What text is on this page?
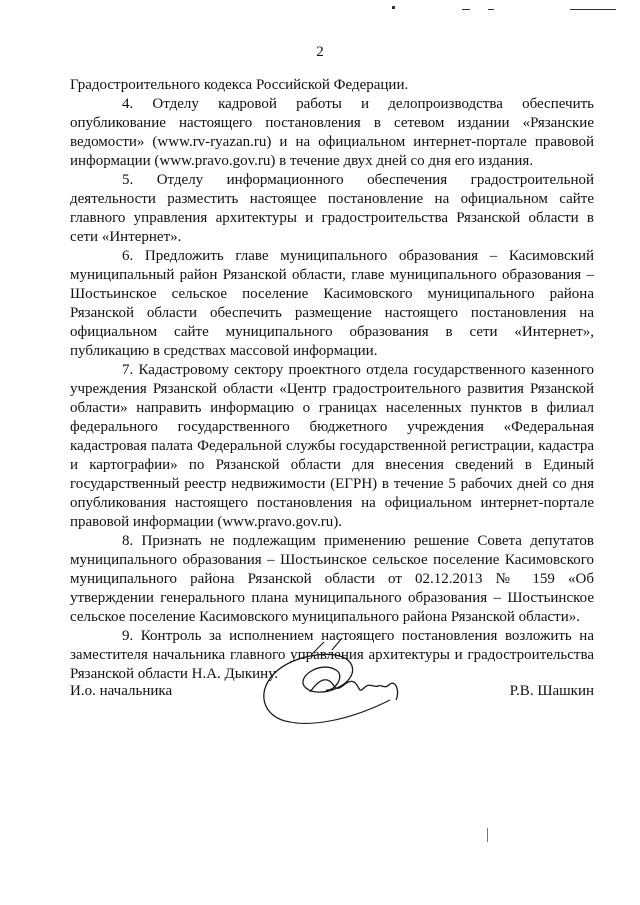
2

Градостроительного кодекса Российской Федерации.

4. Отделу кадровой работы и делопроизводства обеспечить опубликование настоящего постановления в сетевом издании «Рязанские ведомости» (www.rv-ryazan.ru) и на официальном интернет-портале правовой информации (www.pravo.gov.ru) в течение двух дней со дня его издания.

5. Отделу информационного обеспечения градостроительной деятельности разместить настоящее постановление на официальном сайте главного управления архитектуры и градостроительства Рязанской области в сети «Интернет».

6. Предложить главе муниципального образования – Касимовский муниципальный район Рязанской области, главе муниципального образования – Шостьинское сельское поселение Касимовского муниципального района Рязанской области обеспечить размещение настоящего постановления на официальном сайте муниципального образования в сети «Интернет», публикацию в средствах массовой информации.

7. Кадастровому сектору проектного отдела государственного казенного учреждения Рязанской области «Центр градостроительного развития Рязанской области» направить информацию о границах населенных пунктов в филиал федерального государственного бюджетного учреждения «Федеральная кадастровая палата Федеральной службы государственной регистрации, кадастра и картографии» по Рязанской области для внесения сведений в Единый государственный реестр недвижимости (ЕГРН) в течение 5 рабочих дней со дня опубликования настоящего постановления на официальном интернет-портале правовой информации (www.pravo.gov.ru).

8. Признать не подлежащим применению решение Совета депутатов муниципального образования – Шостьинское сельское поселение Касимовского муниципального района Рязанской области от 02.12.2013 № 159 «Об утверждении генерального плана муниципального образования – Шостьинское сельское поселение Касимовского муниципального района Рязанской области».

9. Контроль за исполнением настоящего постановления возложить на заместителя начальника главного управления архитектуры и градостроительства Рязанской области Н.А. Дыкину.

И.о. начальника	Р.В. Шашкин
